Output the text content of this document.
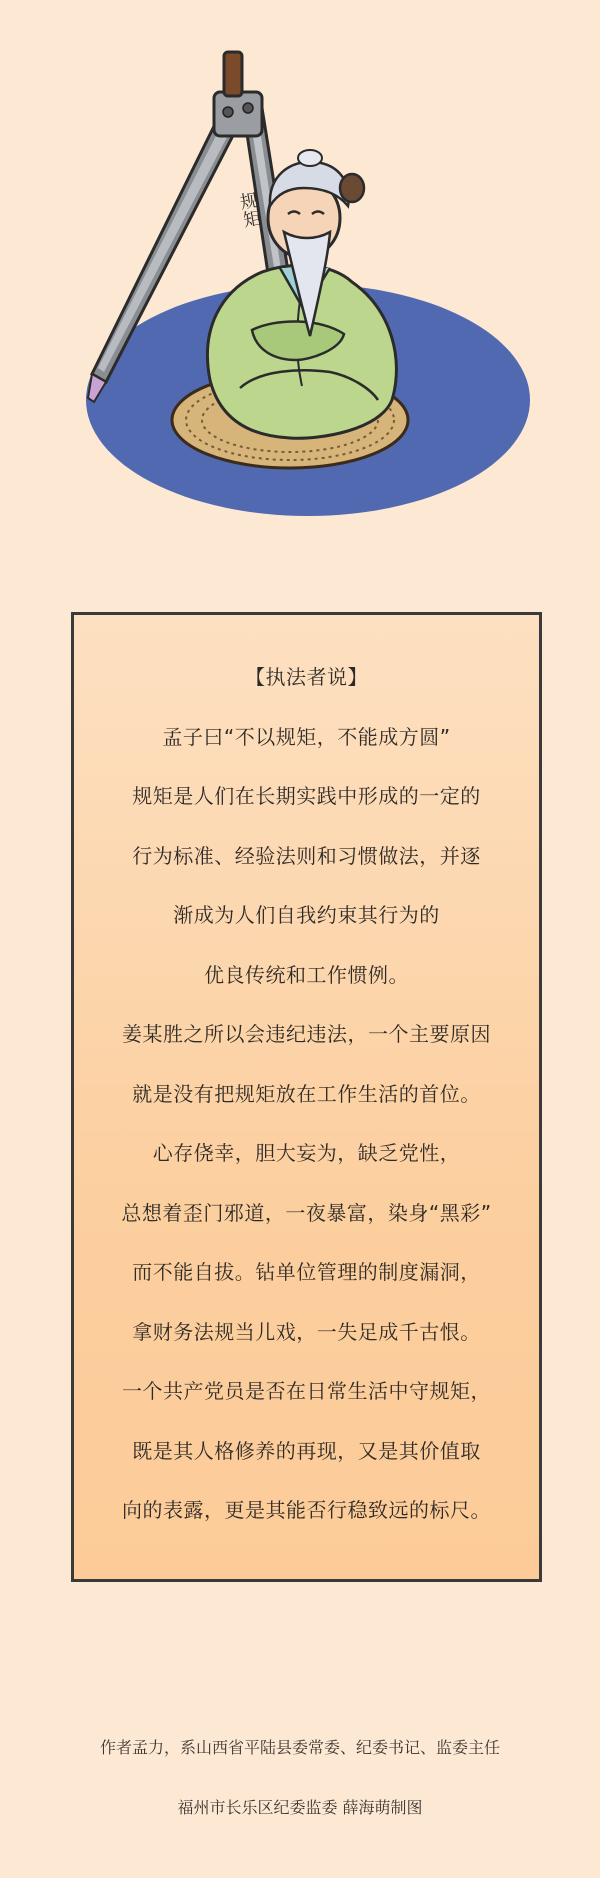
规矩
【执法者说】
孟子曰“不以规矩，不能成方圆”
规矩是人们在长期实践中形成的一定的
行为标准、经验法则和习惯做法，并逐
渐成为人们自我约束其行为的
优良传统和工作惯例。
姜某胜之所以会违纪违法，一个主要原因
就是没有把规矩放在工作生活的首位。
心存侥幸，胆大妄为，缺乏党性，
总想着歪门邪道，一夜暴富，染身“黑彩”
而不能自拔。钻单位管理的制度漏洞，
拿财务法规当儿戏，一失足成千古恨。
一个共产党员是否在日常生活中守规矩，
既是其人格修养的再现，又是其价值取
向的表露，更是其能否行稳致远的标尺。
作者孟力，系山西省平陆县委常委、纪委书记、监委主任
福州市长乐区纪委监委 薛海萌制图
